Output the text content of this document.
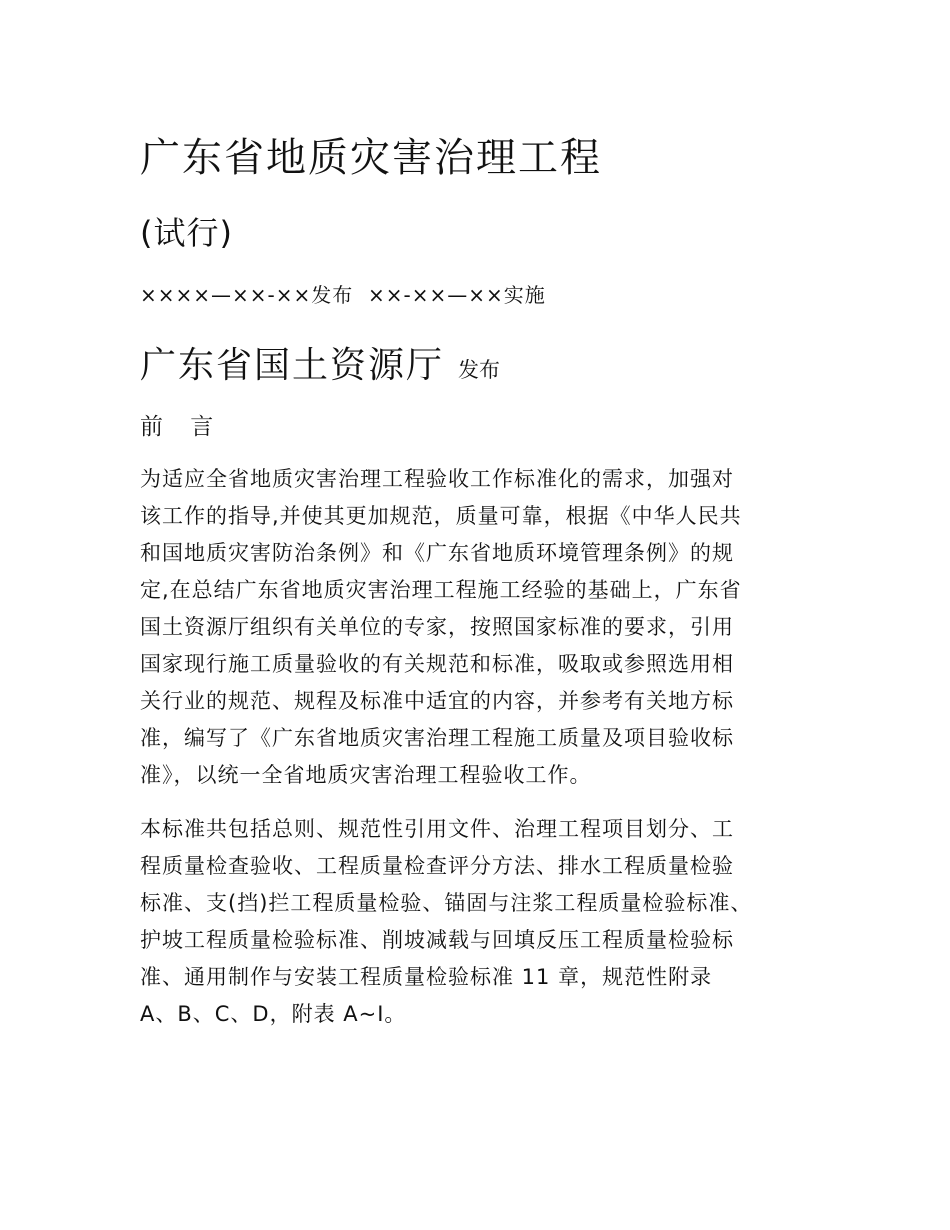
广东省地质灾害治理工程
(试行)
××××—××-××发布  ××-××—××实施
广东省国土资源厅 发布
前 言
为适应全省地质灾害治理工程验收工作标准化的需求，加强对
该工作的指导,并使其更加规范，质量可靠，根据《中华人民共
和国地质灾害防治条例》和《广东省地质环境管理条例》的规
定,在总结广东省地质灾害治理工程施工经验的基础上，广东省
国土资源厅组织有关单位的专家，按照国家标准的要求，引用
国家现行施工质量验收的有关规范和标准，吸取或参照选用相
关行业的规范、规程及标准中适宜的内容，并参考有关地方标
准，编写了《广东省地质灾害治理工程施工质量及项目验收标
准》，以统一全省地质灾害治理工程验收工作。
本标准共包括总则、规范性引用文件、治理工程项目划分、工
程质量检查验收、工程质量检查评分方法、排水工程质量检验
标准、支(挡)拦工程质量检验、锚固与注浆工程质量检验标准、
护坡工程质量检验标准、削坡减载与回填反压工程质量检验标
准、通用制作与安装工程质量检验标准 11 章，规范性附录
A、B、C、D，附表 A~I。
